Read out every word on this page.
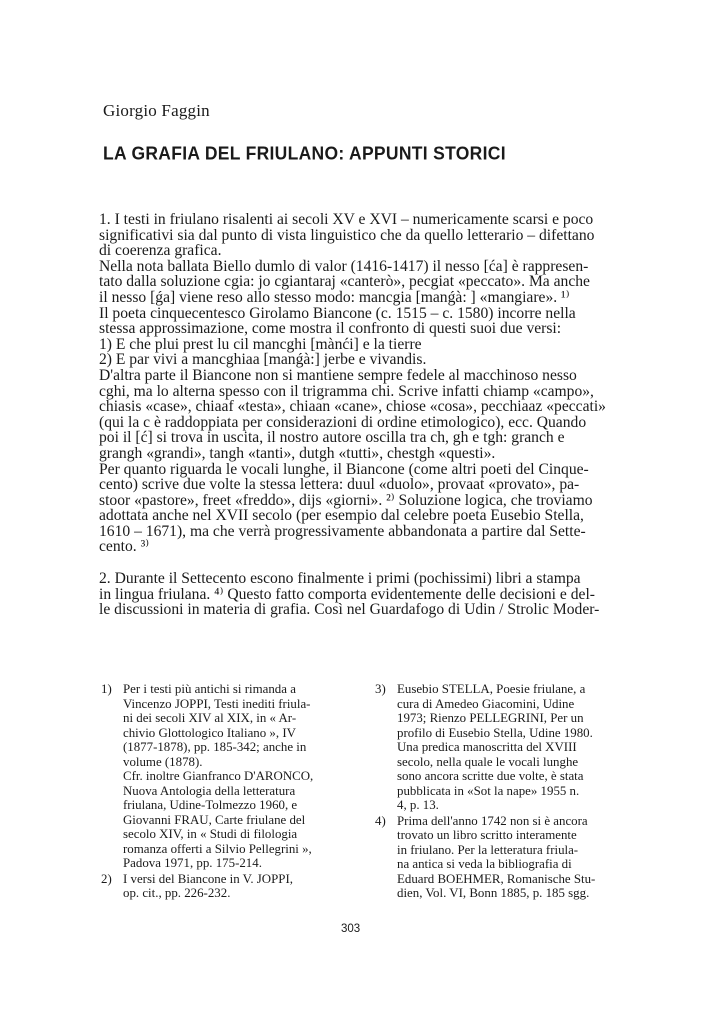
Giorgio Faggin
LA GRAFIA DEL FRIULANO: APPUNTI STORICI

1. I testi in friulano risalenti ai secoli XV e XVI – numericamente scarsi e poco

significativi sia dal punto di vista linguistico che da quello letterario – difettano

di coerenza grafica.

Nella nota ballata Biello dumlo di valor (1416-1417) il nesso [ća] è rappresen-

tato dalla soluzione cgia: jo cgiantaraj «canterò», pecgiat «peccato». Ma anche

il nesso [ǵa] viene reso allo stesso modo: mancgia [manǵà: ] «mangiare». ¹⁾

Il poeta cinquecentesco Girolamo Biancone (c. 1515 – c. 1580) incorre nella

stessa approssimazione, come mostra il confronto di questi suoi due versi:

1) E che plui prest lu cil mancghi [mànći] e la tierre

2) E par vivi a mancghiaa [manǵà:] jerbe e vivandis.

D'altra parte il Biancone non si mantiene sempre fedele al macchinoso nesso

cghi, ma lo alterna spesso con il trigramma chi. Scrive infatti chiamp «campo»,

chiasis «case», chiaaf «testa», chiaan «cane», chiose «cosa», pecchiaaz «peccati»

(qui la c è raddoppiata per considerazioni di ordine etimologico), ecc. Quando

poi il [ć] si trova in uscita, il nostro autore oscilla tra ch, gh e tgh: granch e

grangh «grandi», tangh «tanti», dutgh «tutti», chestgh «questi».

Per quanto riguarda le vocali lunghe, il Biancone (come altri poeti del Cinque-

cento) scrive due volte la stessa lettera: duul «duolo», provaat «provato», pa-

stoor «pastore», freet «freddo», dijs «giorni». ²⁾ Soluzione logica, che troviamo

adottata anche nel XVII secolo (per esempio dal celebre poeta Eusebio Stella,

1610 – 1671), ma che verrà progressivamente abbandonata a partire dal Sette-

cento. ³⁾

2. Durante il Settecento escono finalmente i primi (pochissimi) libri a stampa

in lingua friulana. ⁴⁾ Questo fatto comporta evidentemente delle decisioni e del-

le discussioni in materia di grafia. Così nel Guardafogo di Udin / Strolic Moder-

1) Per i testi più antichi si rimanda a
Vincenzo JOPPI, Testi inediti friula-
ni dei secoli XIV al XIX, in « Ar-
chivio Glottologico Italiano », IV
(1877-1878), pp. 185-342; anche in
volume (1878).
Cfr. inoltre Gianfranco D'ARONCO,
Nuova Antologia della letteratura
friulana, Udine-Tolmezzo 1960, e
Giovanni FRAU, Carte friulane del
secolo XIV, in « Studi di filologia
romanza offerti a Silvio Pellegrini »,
Padova 1971, pp. 175-214.
2) I versi del Biancone in V. JOPPI,
op. cit., pp. 226-232.
3) Eusebio STELLA, Poesie friulane, a
cura di Amedeo Giacomini, Udine
1973; Rienzo PELLEGRINI, Per un
profilo di Eusebio Stella, Udine 1980.
Una predica manoscritta del XVIII
secolo, nella quale le vocali lunghe
sono ancora scritte due volte, è stata
pubblicata in «Sot la nape» 1955 n.
4, p. 13.
4) Prima dell'anno 1742 non si è ancora
trovato un libro scritto interamente
in friulano. Per la letteratura friula-
na antica si veda la bibliografia di
Eduard BOEHMER, Romanische Stu-
dien, Vol. VI, Bonn 1885, p. 185 sgg.
303
